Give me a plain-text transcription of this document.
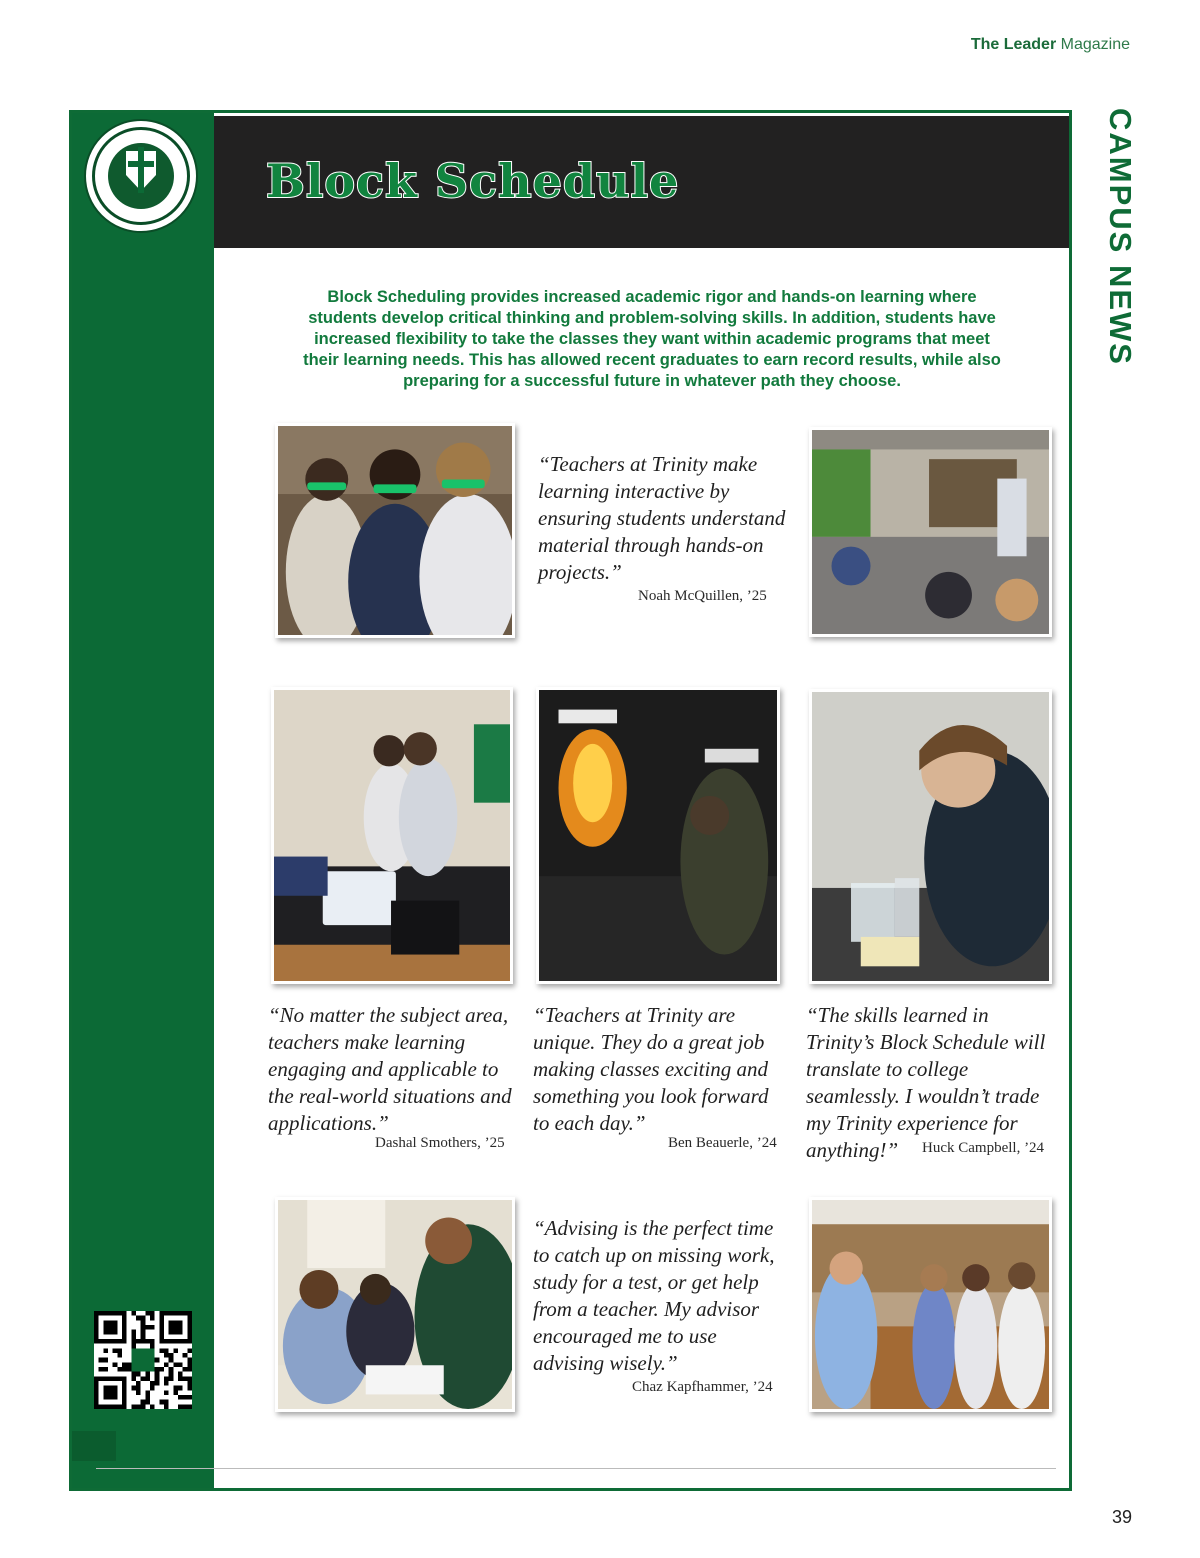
The Leader Magazine
CAMPUS NEWS
Block Schedule
Block Scheduling provides increased academic rigor and hands-on learning where students develop critical thinking and problem-solving skills. In addition, students have increased flexibility to take the classes they want within academic programs that meet their learning needs. This has allowed recent graduates to earn record results, while also preparing for a successful future in whatever path they choose.
“Teachers at Trinity make learning interactive by ensuring students understand material through hands-on projects.”
Noah McQuillen, ’25
“No matter the subject area, teachers make learning engaging and applicable to the real-world situations and applications.”
Dashal Smothers, ’25
“Teachers at Trinity are unique. They do a great job making classes exciting and something you look forward to each day.”
Ben Beauerle, ’24
“The skills learned in Trinity’s Block Schedule will translate to college seamlessly. I wouldn’t trade my Trinity experience for anything!”	Huck Campbell, ’24
“Advising is the perfect time to catch up on missing work, study for a test, or get help from a teacher. My advisor encouraged me to use advising wisely.”
Chaz Kapfhammer, ’24
39
